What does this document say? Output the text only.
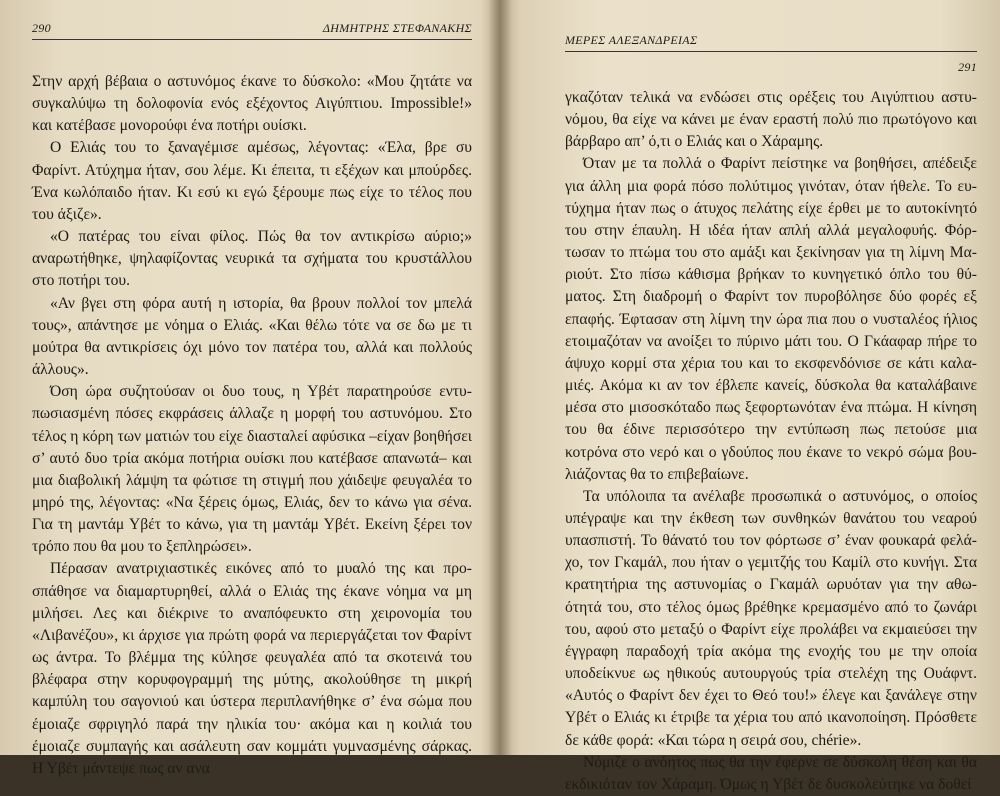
290	ΔΗΜΗΤΡΗΣ ΣΤΕΦΑΝΑΚΗΣ

Στην αρχή βέβαια ο αστυνόμος έκανε το δύσκολο: «Μου ζητάτε να συγκαλύψω τη δολοφονία ενός εξέχοντος Αιγύπτιου. Impossible!» και κατέβασε μονορούφι ένα ποτήρι ουίσκι.

Ο Ελιάς του το ξαναγέμισε αμέσως, λέγοντας: «Έλα, βρε συ Φαρίντ. Ατύχημα ήταν, σου λέμε. Κι έπειτα, τι εξέχων και μπούρδες. Ένα κωλόπαιδο ήταν. Κι εσύ κι εγώ ξέρουμε πως είχε το τέλος που του άξιζε».

«Ο πατέρας του είναι φίλος. Πώς θα τον αντικρίσω αύριο;» αναρωτήθηκε, ψηλαφίζοντας νευρικά τα σχήματα του κρυστάλλου στο ποτήρι του.

«Αν βγει στη φόρα αυτή η ιστορία, θα βρουν πολλοί τον μπελά τους», απάντησε με νόημα ο Ελιάς. «Και θέλω τότε να σε δω με τι μούτρα θα αντικρίσεις όχι μόνο τον πατέρα του, αλλά και πολλούς άλλους».

Όση ώρα συζητούσαν οι δυο τους, η Υβέτ παρατηρούσε εντυπωσιασμένη πόσες εκφράσεις άλλαζε η μορφή του αστυνόμου. Στο τέλος η κόρη των ματιών του είχε διασταλεί αφύσικα –είχαν βοηθήσει σ’ αυτό δυο τρία ακόμα ποτήρια ουίσκι που κατέβασε απανωτά– και μια διαβολική λάμψη τα φώτισε τη στιγμή που χάιδεψε φευγαλέα το μηρό της, λέγοντας: «Να ξέρεις όμως, Ελιάς, δεν το κάνω για σένα. Για τη μαντάμ Υβέτ το κάνω, για τη μαντάμ Υβέτ. Εκείνη ξέρει τον τρόπο που θα μου το ξεπληρώσει».

Πέρασαν ανατριχιαστικές εικόνες από το μυαλό της και προσπάθησε να διαμαρτυρηθεί, αλλά ο Ελιάς της έκανε νόημα να μη μιλήσει. Λες και διέκρινε το αναπόφευκτο στη χειρονομία του «Λιβανέζου», κι άρχισε για πρώτη φορά να περιεργάζεται τον Φαρίντ ως άντρα. Το βλέμμα της κύλησε φευγαλέα από τα σκοτεινά του βλέφαρα στην κορυφογραμμή της μύτης, ακολούθησε τη μικρή καμπύλη του σαγονιού και ύστερα περιπλανήθηκε σ’ ένα σώμα που έμοιαζε σφριγηλό παρά την ηλικία του· ακόμα και η κοιλιά του έμοιαζε συμπαγής και ασάλευτη σαν κομμάτι γυμνασμένης σάρκας. Η Υβέτ μάντεψε πως αν ανα

ΜΕΡΕΣ ΑΛΕΞΑΝΔΡΕΙΑΣ
291

γκαζόταν τελικά να ενδώσει στις ορέξεις του Αιγύπτιου αστυνόμου, θα είχε να κάνει με έναν εραστή πολύ πιο πρωτόγονο και βάρβαρο απ’ ό,τι ο Ελιάς και ο Χάραμης.

Όταν με τα πολλά ο Φαρίντ πείστηκε να βοηθήσει, απέδειξε για άλλη μια φορά πόσο πολύτιμος γινόταν, όταν ήθελε. Το ευτύχημα ήταν πως ο άτυχος πελάτης είχε έρθει με το αυτοκίνητό του στην έπαυλη. Η ιδέα ήταν απλή αλλά μεγαλοφυής. Φόρτωσαν το πτώμα του στο αμάξι και ξεκίνησαν για τη λίμνη Μαριούτ. Στο πίσω κάθισμα βρήκαν το κυνηγετικό όπλο του θύματος. Στη διαδρομή ο Φαρίντ τον πυροβόλησε δύο φορές εξ επαφής. Έφτασαν στη λίμνη την ώρα πια που ο νυσταλέος ήλιος ετοιμαζόταν να ανοίξει το πύρινο μάτι του. Ο Γκάαφαρ πήρε το άψυχο κορμί στα χέρια του και το εκσφενδόνισε σε κάτι καλαμιές. Ακόμα κι αν τον έβλεπε κανείς, δύσκολα θα καταλάβαινε μέσα στο μισοσκόταδο πως ξεφορτωνόταν ένα πτώμα. Η κίνηση του θα έδινε περισσότερο την εντύπωση πως πετούσε μια κοτρόνα στο νερό και ο γδούπος που έκανε το νεκρό σώμα βουλιάζοντας θα το επιβεβαίωνε.

Τα υπόλοιπα τα ανέλαβε προσωπικά ο αστυνόμος, ο οποίος υπέγραψε και την έκθεση των συνθηκών θανάτου του νεαρού υπασπιστή. Το θάνατό του τον φόρτωσε σ’ έναν φουκαρά φελάχο, τον Γκαμάλ, που ήταν ο γεμιτζής του Καμίλ στο κυνήγι. Στα κρατητήρια της αστυνομίας ο Γκαμάλ ωρυόταν για την αθωότητά του, στο τέλος όμως βρέθηκε κρεμασμένο από το ζωνάρι του, αφού στο μεταξύ ο Φαρίντ είχε προλάβει να εκμαιεύσει την έγγραφη παραδοχή τρία ακόμα της ενοχής του με την οποία υποδείκνυε ως ηθικούς αυτουργούς τρία στελέχη της Ουάφντ. «Αυτός ο Φαρίντ δεν έχει το Θεό του!» έλεγε και ξανάλεγε στην Υβέτ ο Ελιάς κι έτριβε τα χέρια του από ικανοποίηση. Πρόσθετε δε κάθε φορά: «Και τώρα η σειρά σου, chérie».

Νόμιζε ο ανόητος πως θα την έφερνε σε δύσκολη θέση και θα εκδικιόταν τον Χάραμη. Όμως η Υβέτ δε δυσκολεύτηκε να δοθεί
